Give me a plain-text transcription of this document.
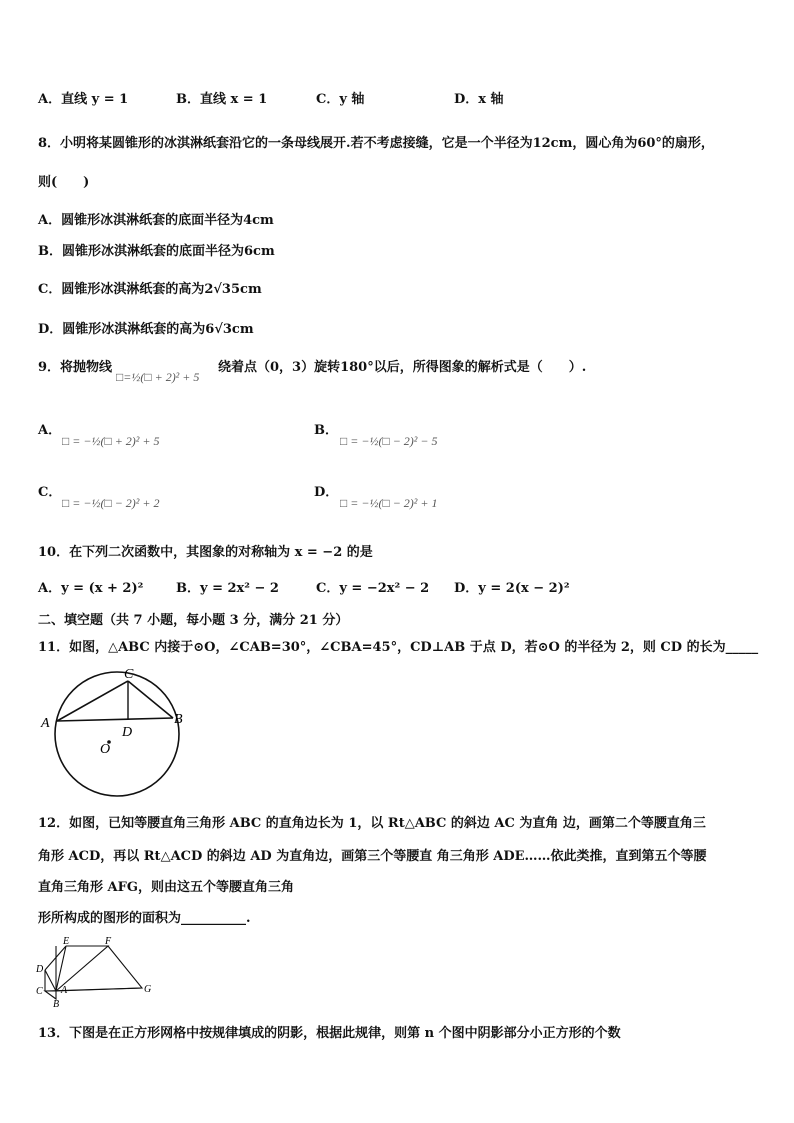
A．直线 y = 1	B．直线 x = 1	C．y 轴	D．x 轴
8．小明将某圆锥形的冰淇淋纸套沿它的一条母线展开.若不考虑接缝，它是一个半径为12cm，圆心角为60°的扇形，
则(　　)
A．圆锥形冰淇淋纸套的底面半径为4cm
B．圆锥形冰淇淋纸套的底面半径为6cm
C．圆锥形冰淇淋纸套的高为2√35cm
D．圆锥形冰淇淋纸套的高为6√3cm
9．将抛物线
□=½(□ + 2)² + 5
绕着点（0，3）旋转180°以后，所得图象的解析式是（　　）.
A．
□ = −½(□ + 2)² + 5
B．
□ = −½(□ − 2)² − 5
C．
□ = −½(□ − 2)² + 2
D．
□ = −½(□ − 2)² + 1
10．在下列二次函数中，其图象的对称轴为 x = −2 的是
A．y = (x + 2)²	B．y = 2x² − 2	C．y = −2x² − 2 D．y = 2(x − 2)²
二、填空题（共 7 小题，每小题 3 分，满分 21 分）
11．如图，△ABC 内接于⊙O，∠CAB=30°，∠CBA=45°，CD⊥AB 于点 D，若⊙O 的半径为 2，则 CD 的长为_____
A	B
C
D
O
12．如图，已知等腰直角三角形 ABC 的直角边长为 1，以 Rt△ABC 的斜边 AC 为直角 边，画第二个等腰直角三
角形 ACD，再以 Rt△ACD 的斜边 AD 为直角边，画第三个等腰直 角三角形 ADE……依此类推，直到第五个等腰
直角三角形 AFG，则由这五个等腰直角三角
形所构成的图形的面积为__________.
A
B
C
D
E	F
G
13．下图是在正方形网格中按规律填成的阴影，根据此规律，则第 n 个图中阴影部分小正方形的个数
